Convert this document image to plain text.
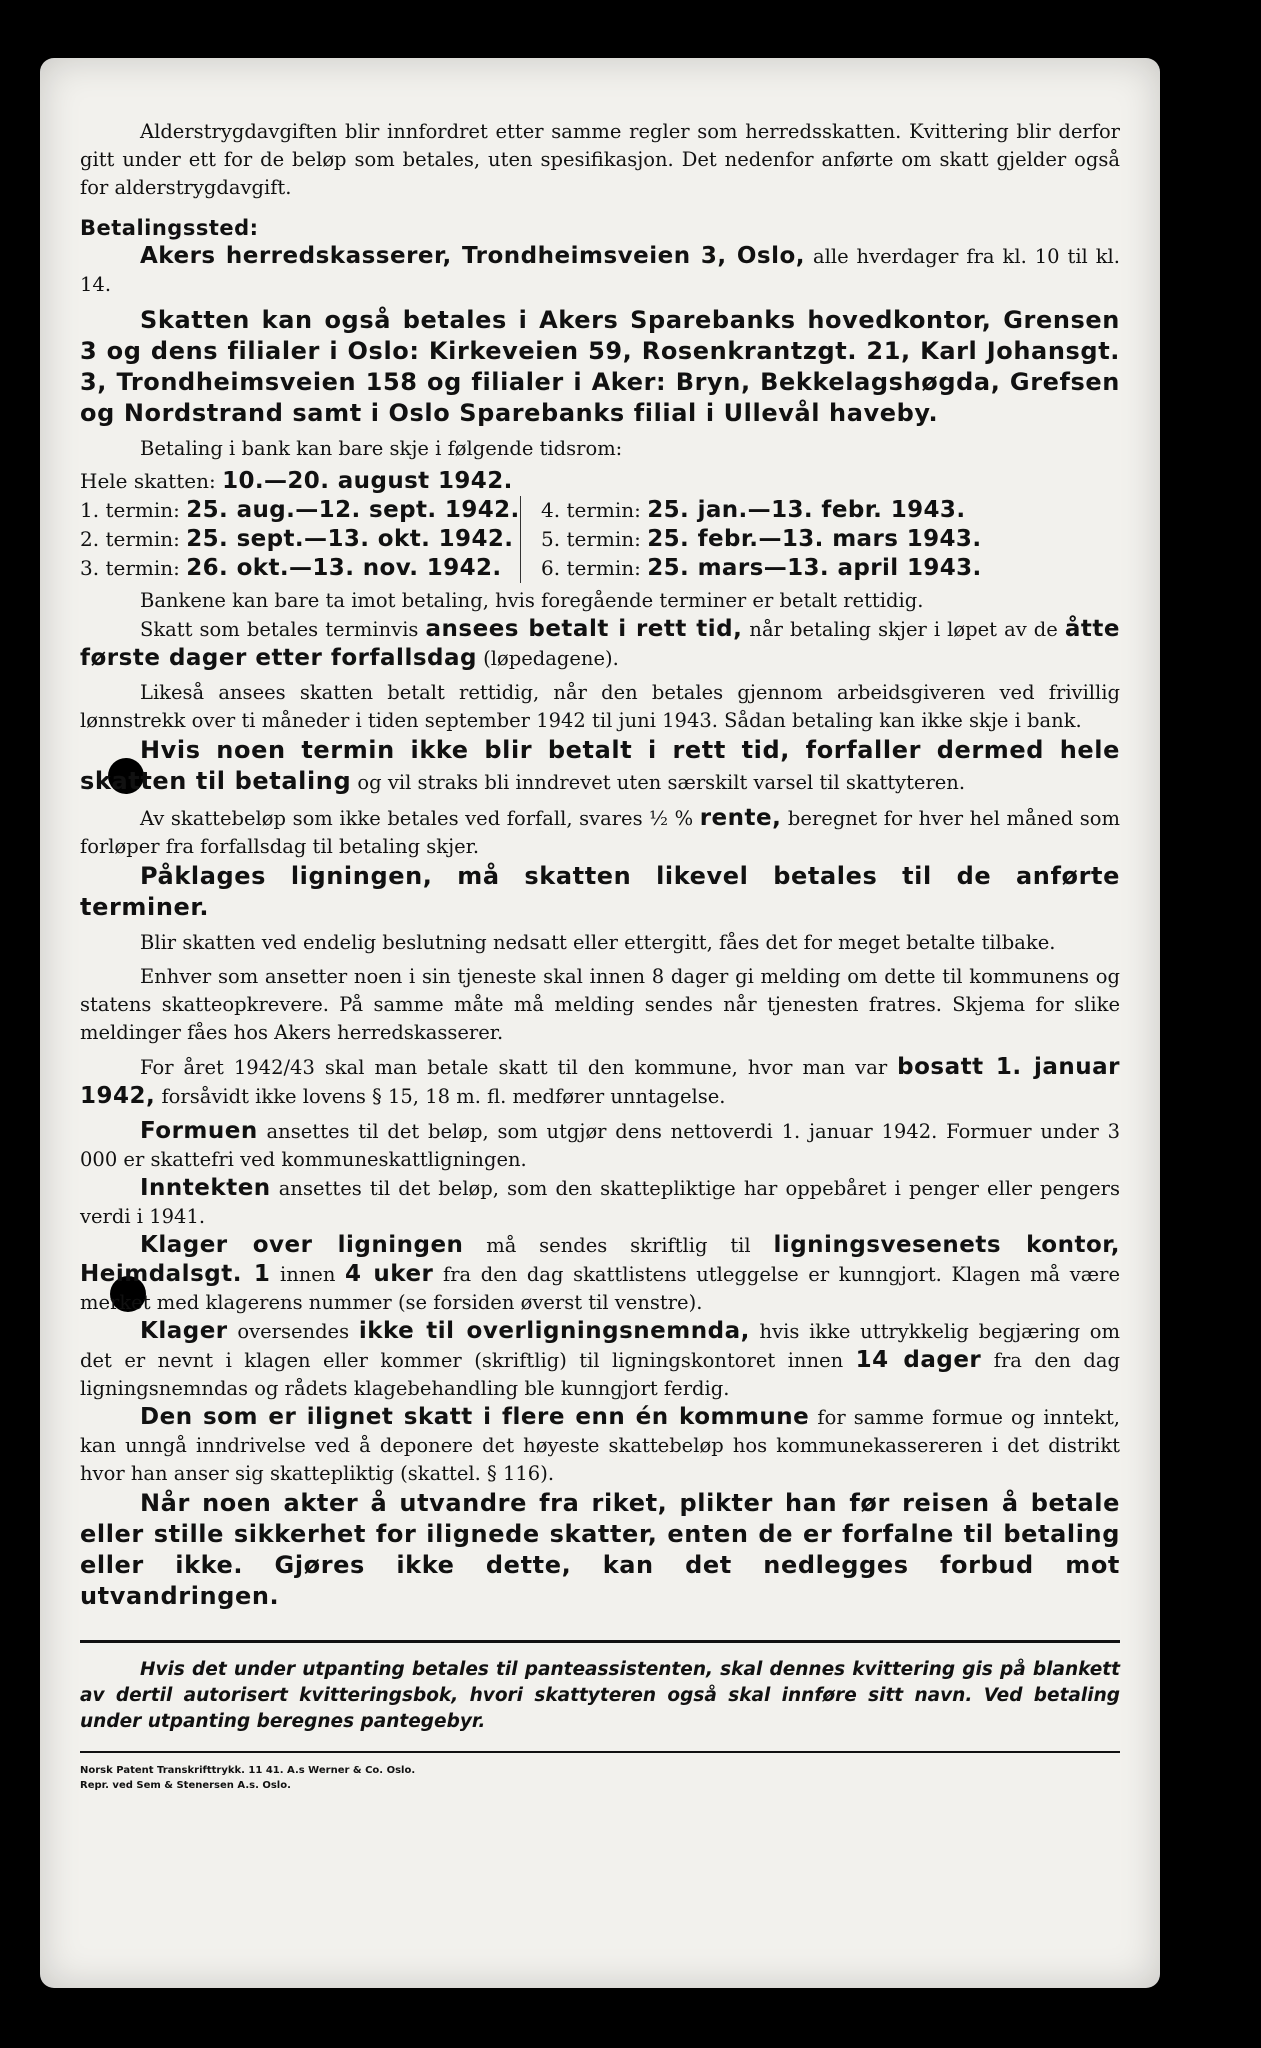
Alderstrygdavgiften blir innfordret etter samme regler som herredsskatten. Kvittering blir derfor gitt under ett for de beløp som betales, uten spesifikasjon. Det nedenfor anførte om skatt gjelder også for alderstrygdavgift.

Betalingssted:

Akers herredskasserer, Trondheimsveien 3, Oslo, alle hverdager fra kl. 10 til kl. 14.

Skatten kan også betales i Akers Sparebanks hovedkontor, Grensen 3 og dens filialer i Oslo: Kirkeveien 59, Rosenkrantzgt. 21, Karl Johansgt. 3, Trondheimsveien 158 og filialer i Aker: Bryn, Bekkelagshøgda, Grefsen og Nordstrand samt i Oslo Sparebanks filial i Ullevål haveby.

Betaling i bank kan bare skje i følgende tidsrom:

Hele skatten: 10.—20. august 1942.
1. termin: 25. aug.—12. sept. 1942.
2. termin: 25. sept.—13. okt. 1942.
3. termin: 26. okt.—13. nov. 1942.
4. termin: 25. jan.—13. febr. 1943.
5. termin: 25. febr.—13. mars 1943.
6. termin: 25. mars—13. april 1943.

Bankene kan bare ta imot betaling, hvis foregående terminer er betalt rettidig.

Skatt som betales terminvis ansees betalt i rett tid, når betaling skjer i løpet av de åtte første dager etter forfallsdag (løpedagene).

Likeså ansees skatten betalt rettidig, når den betales gjennom arbeidsgiveren ved frivillig lønnstrekk over ti måneder i tiden september 1942 til juni 1943. Sådan betaling kan ikke skje i bank.

Hvis noen termin ikke blir betalt i rett tid, forfaller dermed hele skatten til betaling og vil straks bli inndrevet uten særskilt varsel til skattyteren.

Av skattebeløp som ikke betales ved forfall, svares ½ % rente, beregnet for hver hel måned som forløper fra forfallsdag til betaling skjer.

Påklages ligningen, må skatten likevel betales til de anførte terminer.

Blir skatten ved endelig beslutning nedsatt eller ettergitt, fåes det for meget betalte tilbake.

Enhver som ansetter noen i sin tjeneste skal innen 8 dager gi melding om dette til kommunens og statens skatteopkrevere. På samme måte må melding sendes når tjenesten fratres. Skjema for slike meldinger fåes hos Akers herredskasserer.

For året 1942/43 skal man betale skatt til den kommune, hvor man var bosatt 1. januar 1942, forsåvidt ikke lovens § 15, 18 m. fl. medfører unntagelse.

Formuen ansettes til det beløp, som utgjør dens nettoverdi 1. januar 1942. Formuer under 3 000 er skattefri ved kommuneskattligningen.

Inntekten ansettes til det beløp, som den skattepliktige har oppebåret i penger eller pengers verdi i 1941.

Klager over ligningen må sendes skriftlig til ligningsvesenets kontor, Heimdalsgt. 1 innen 4 uker fra den dag skattlistens utleggelse er kunngjort. Klagen må være merket med klagerens nummer (se forsiden øverst til venstre).

Klager oversendes ikke til overligningsnemnda, hvis ikke uttrykkelig begjæring om det er nevnt i klagen eller kommer (skriftlig) til ligningskontoret innen 14 dager fra den dag ligningsnemndas og rådets klagebehandling ble kunngjort ferdig.

Den som er ilignet skatt i flere enn én kommune for samme formue og inntekt, kan unngå inndrivelse ved å deponere det høyeste skattebeløp hos kommunekassereren i det distrikt hvor han anser sig skattepliktig (skattel. § 116).

Når noen akter å utvandre fra riket, plikter han før reisen å betale eller stille sikkerhet for ilignede skatter, enten de er forfalne til betaling eller ikke. Gjøres ikke dette, kan det nedlegges forbud mot utvandringen.

Hvis det under utpanting betales til panteassistenten, skal dennes kvittering gis på blankett av dertil autorisert kvitteringsbok, hvori skattyteren også skal innføre sitt navn. Ved betaling under utpanting beregnes pantegebyr.

Norsk Patent Transkrifttrykk. 11 41. A.s Werner & Co. Oslo.
Repr. ved Sem & Stenersen A.s. Oslo.
